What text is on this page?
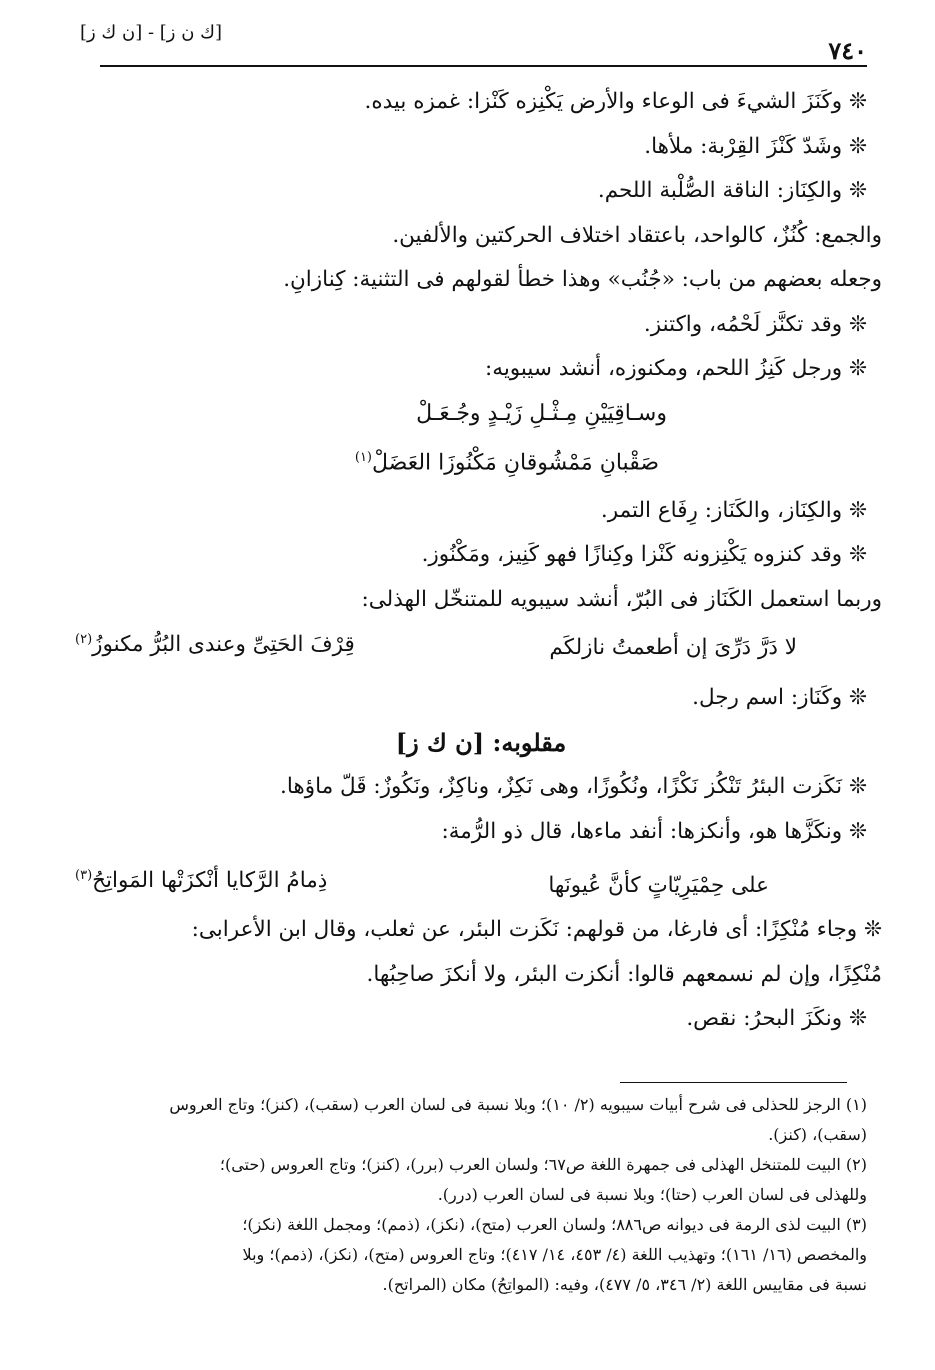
[ك ن ز] - [ن ك ز]
٧٤٠
❊ وكَنَزَ الشيءَ فى الوعاء والأرض يَكْنِزه كَنْزا: غمزه بيده.
❊ وشَدّ كَنْزَ القِرْبة: ملأها.
❊ والكِنَاز: الناقة الصُّلْبة اللحم.
والجمع: كُنُزٌ، كالواحد، باعتقاد اختلاف الحركتين والألفين.
وجعله بعضهم من باب: «جُنُب» وهذا خطأ لقولهم فى التثنية: كِنازانِ.
❊ وقد تكنَّز لَحْمُه، واكتنز.
❊ ورجل كَنِزُ اللحم، ومكنوزه، أنشد سيبويه:
وسـاقِيَيْنِ مِـثْـلِ زَيْـدٍ وجُـعَـلْ
صَقْبانِ مَمْشُوقانِ مَكْنُوزَا العَضَلْ$^{(١)}$
❊ والكِنَاز، والكَنَاز: رِفَاع التمر.
❊ وقد كنزوه يَكْنِزونه كَنْزا وكِنازًا فهو كَنِيز، ومَكْنُوز.
وربما استعمل الكَنَاز فى البُرّ، أنشد سيبويه للمتنخّل الهذلى:
لا دَرَّ دَرِّىَ إن أطعمتُ نازلكَم
قِرْفَ الحَتِىِّ وعندى البُرُّ مكنوزُ$^{(٢)}$
❊ وكَنَاز: اسم رجل.
مقلوبه: [ن ك ز]
❊ نَكَزت البئرُ تَنْكُز نَكْزًا، ونُكُوزًا، وهى نَكِزٌ، وناكِزٌ، ونَكُوزٌ: قَلّ ماؤها.
❊ ونكَزَّها هو، وأنكزها: أنفد ماءها، قال ذو الرُّمة:
على حِمْيَرِيّاتٍ كأنَّ عُيونَها
ذِمامُ الرَّكايا أنْكزَتْها المَواتِحُ$^{(٣)}$
❊ وجاء مُنْكِزًا: أى فارغا، من قولهم: نَكَزت البئر، عن ثعلب، وقال ابن الأعرابى:
مُنْكِزًا، وإن لم نسمعهم قالوا: أنكزت البئر، ولا أنكزَ صاحِبُها.
❊ ونكَزَ البحرُ: نقص.
(١) الرجز للحذلى فى شرح أبيات سيبويه (٢/ ١٠)؛ وبلا نسبة فى لسان العرب (سقب)، (كنز)؛ وتاج العروس
(سقب)، (كنز).
(٢) البيت للمتنخل الهذلى فى جمهرة اللغة ص٦٧؛ ولسان العرب (برر)، (كنز)؛ وتاج العروس (حتى)؛
وللهذلى فى لسان العرب (حتا)؛ وبلا نسبة فى لسان العرب (درر).
(٣) البيت لذى الرمة فى ديوانه ص٨٨٦؛ ولسان العرب (متح)، (نكز)، (ذمم)؛ ومجمل اللغة (نكز)؛
والمخصص (١٦/ ١٦١)؛ وتهذيب اللغة (٤/ ٤٥٣، ١٤/ ٤١٧)؛ وتاج العروس (متح)، (نكز)، (ذمم)؛ وبلا
نسبة فى مقاييس اللغة (٢/ ٣٤٦، ٥/ ٤٧٧)، وفيه: (المواتِحُ) مكان (المراتح).
